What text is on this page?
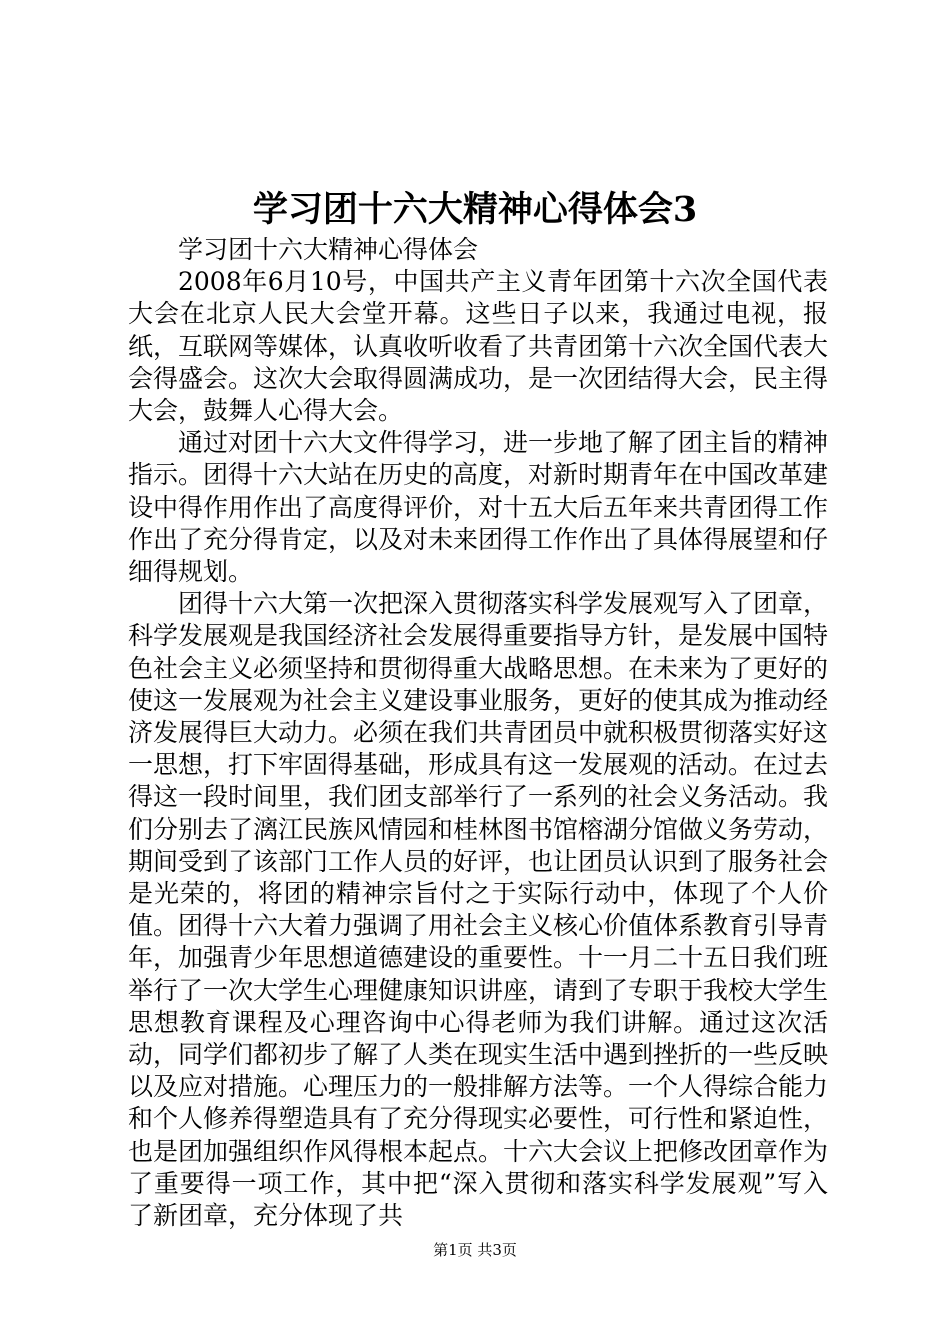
学习团十六大精神心得体会3

学习团十六大精神心得体会

2008年6月10号，中国共产主义青年团第十六次全国代表大会在北京人民大会堂开幕。这些日子以来，我通过电视，报纸，互联网等媒体，认真收听收看了共青团第十六次全国代表大会得盛会。这次大会取得圆满成功，是一次团结得大会，民主得大会，鼓舞人心得大会。

通过对团十六大文件得学习，进一步地了解了团主旨的精神指示。团得十六大站在历史的高度，对新时期青年在中国改革建设中得作用作出了高度得评价，对十五大后五年来共青团得工作作出了充分得肯定，以及对未来团得工作作出了具体得展望和仔细得规划。

团得十六大第一次把深入贯彻落实科学发展观写入了团章，科学发展观是我国经济社会发展得重要指导方针，是发展中国特色社会主义必须坚持和贯彻得重大战略思想。在未来为了更好的使这一发展观为社会主义建设事业服务，更好的使其成为推动经济发展得巨大动力。必须在我们共青团员中就积极贯彻落实好这一思想，打下牢固得基础，形成具有这一发展观的活动。在过去得这一段时间里，我们团支部举行了一系列的社会义务活动。我们分别去了漓江民族风情园和桂林图书馆榕湖分馆做义务劳动，期间受到了该部门工作人员的好评，也让团员认识到了服务社会是光荣的，将团的精神宗旨付之于实际行动中，体现了个人价值。团得十六大着力强调了用社会主义核心价值体系教育引导青年，加强青少年思想道德建设的重要性。十一月二十五日我们班举行了一次大学生心理健康知识讲座，请到了专职于我校大学生思想教育课程及心理咨询中心得老师为我们讲解。通过这次活动，同学们都初步了解了人类在现实生活中遇到挫折的一些反映以及应对措施。心理压力的一般排解方法等。一个人得综合能力和个人修养得塑造具有了充分得现实必要性，可行性和紧迫性，也是团加强组织作风得根本起点。十六大会议上把修改团章作为了重要得一项工作，其中把“深入贯彻和落实科学发展观”写入了新团章，充分体现了共

第1页 共3页
